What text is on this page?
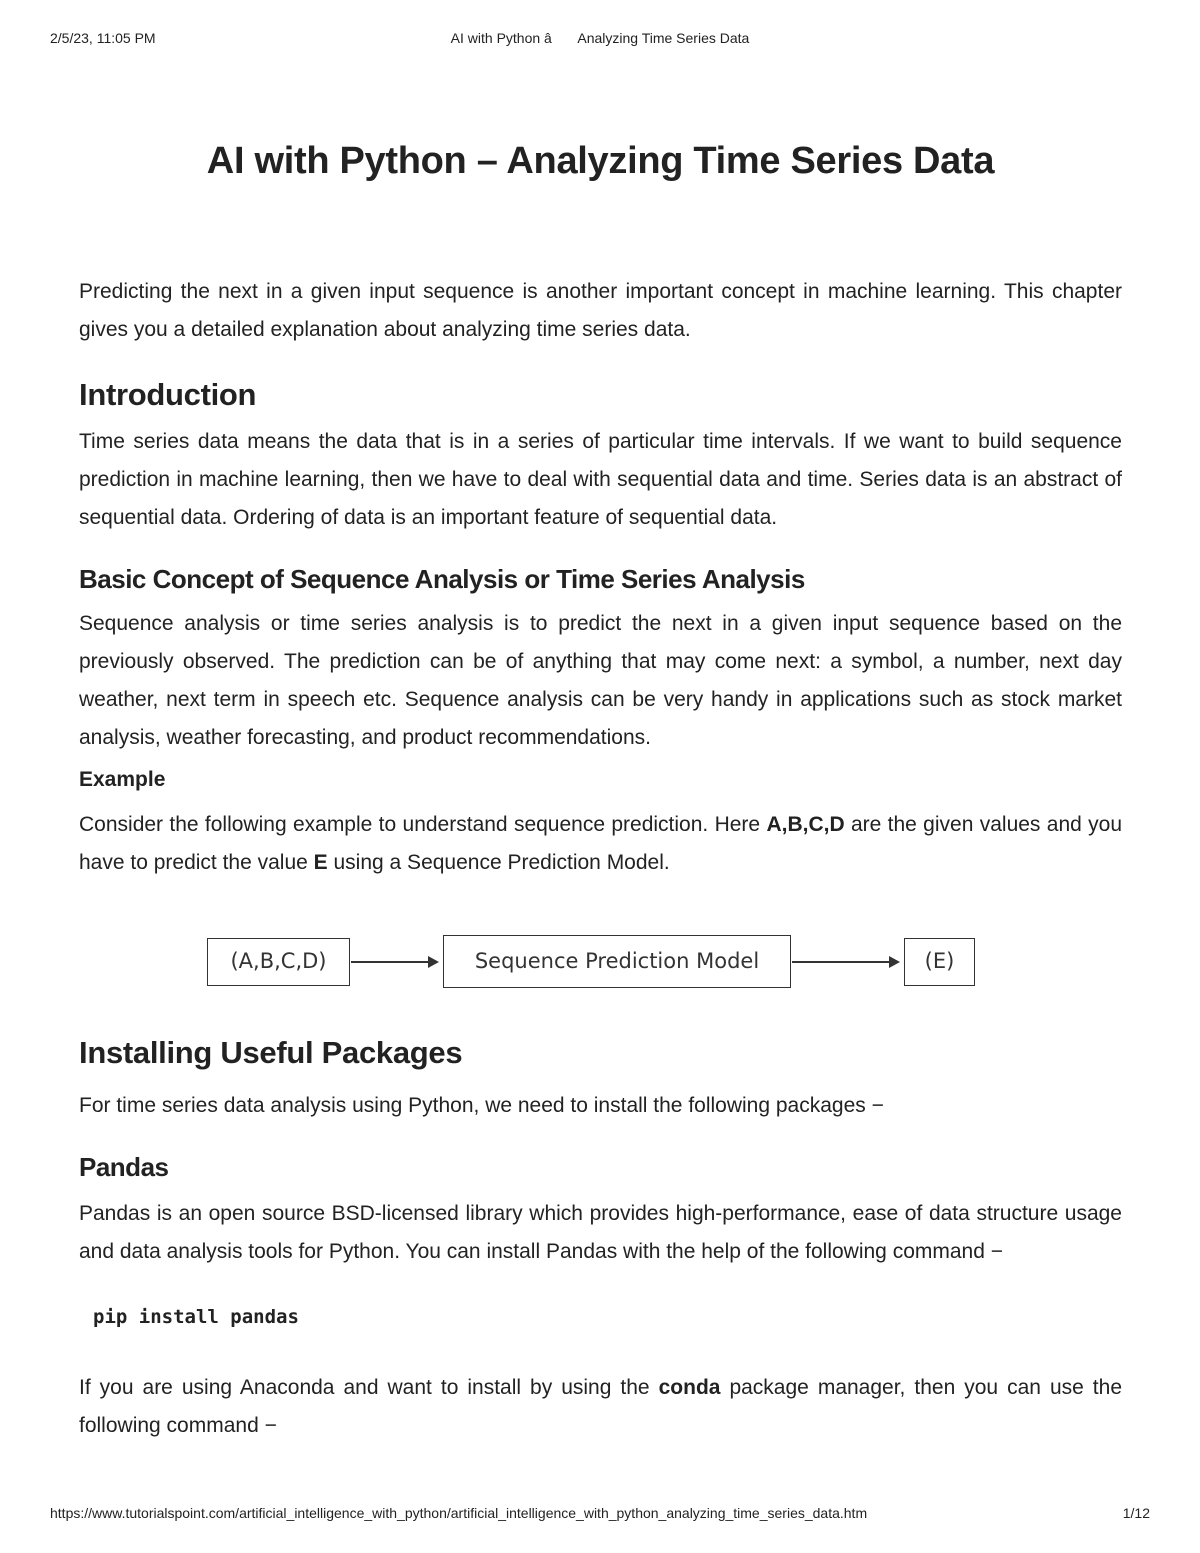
2/5/23, 11:05 PM	AI with Python â Analyzing Time Series Data
AI with Python – Analyzing Time Series Data

Predicting the next in a given input sequence is another important concept in machine learning. This chapter gives you a detailed explanation about analyzing time series data.

Introduction

Time series data means the data that is in a series of particular time intervals. If we want to build sequence prediction in machine learning, then we have to deal with sequential data and time. Series data is an abstract of sequential data. Ordering of data is an important feature of sequential data.

Basic Concept of Sequence Analysis or Time Series Analysis

Sequence analysis or time series analysis is to predict the next in a given input sequence based on the previously observed. The prediction can be of anything that may come next: a symbol, a number, next day weather, next term in speech etc. Sequence analysis can be very handy in applications such as stock market analysis, weather forecasting, and product recommendations.

Example

Consider the following example to understand sequence prediction. Here A,B,C,D are the given values and you have to predict the value E using a Sequence Prediction Model.

(A,B,C,D)	Sequence Prediction Model	(E)
Installing Useful Packages

For time series data analysis using Python, we need to install the following packages −

Pandas

Pandas is an open source BSD-licensed library which provides high-performance, ease of data structure usage and data analysis tools for Python. You can install Pandas with the help of the following command −

pip install pandas

If you are using Anaconda and want to install by using the conda package manager, then you can use the following command −

https://www.tutorialspoint.com/artificial_intelligence_with_python/artificial_intelligence_with_python_analyzing_time_series_data.htm	1/12
